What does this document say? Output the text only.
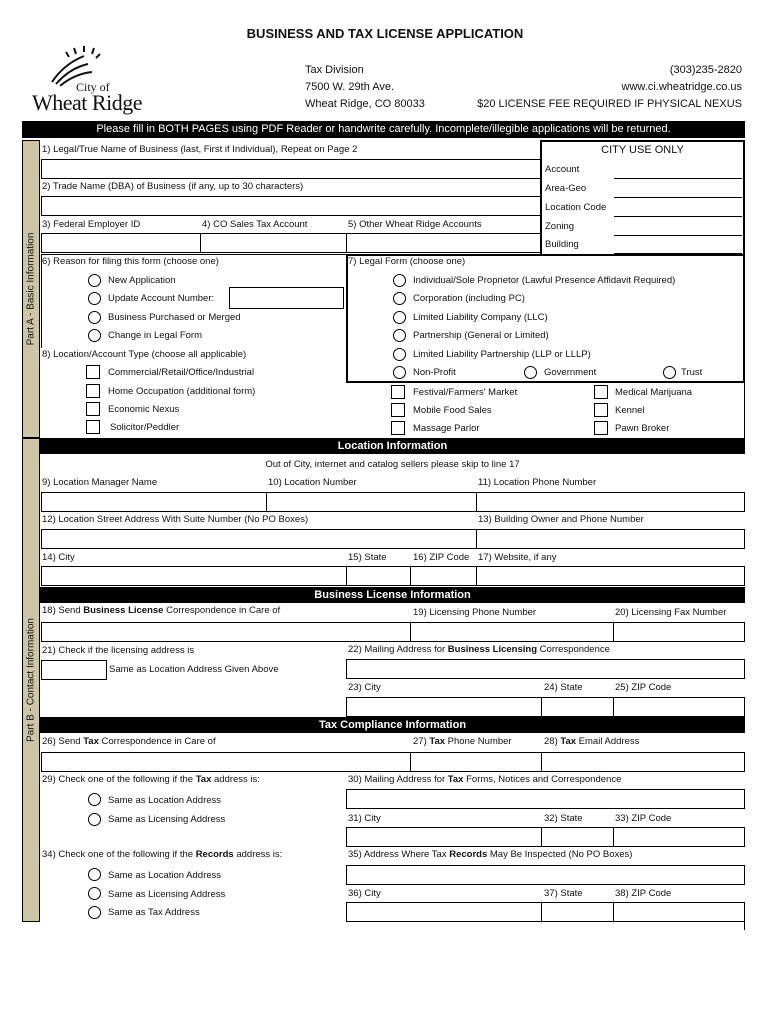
BUSINESS AND TAX LICENSE APPLICATION
City of
Wheat Ridge
Tax Division
7500 W. 29th Ave.
Wheat Ridge, CO 80033
(303)235-2820
www.ci.wheatridge.co.us
$20 LICENSE FEE REQUIRED IF PHYSICAL NEXUS
Please fill in BOTH PAGES using PDF Reader or handwrite carefully. Incomplete/illegible applications will be returned.
Part A - Basic Information
Part B - Contact Information
1) Legal/True Name of Business (last, First if Individual), Repeat on Page 2
2) Trade Name (DBA) of Business (if any, up to 30 characters)
3) Federal Employer ID	4) CO Sales Tax Account	5) Other Wheat Ridge Accounts
CITY USE ONLY
Account
Area-Geo
Location Code
Zoning
Building
6) Reason for filing this form (choose one)
New Application
Update Account Number:
Business Purchased or Merged
Change in Legal Form
7) Legal Form (choose one)
Individual/Sole Proprietor (Lawful Presence Affidavit Required)
Corporation (including PC)
Limited Liability Company (LLC)
Partnership (General or Limited)
Limited Liability Partnership (LLP or LLLP)
Non-Profit	Government	Trust
8) Location/Account Type (choose all applicable)
Commercial/Retail/Office/Industrial
Home Occupation (additional form)
Economic Nexus
Solicitor/Peddler
Festival/Farmers' Market
Mobile Food Sales
Massage Parlor
Medical Marijuana
Kennel
Pawn Broker
Location Information
Out of City, internet and catalog sellers please skip to line 17
9) Location Manager Name	10) Location Number	11) Location Phone Number
12) Location Street Address With Suite Number (No PO Boxes)	13) Building Owner and Phone Number
14) City	15) State	16) ZIP Code 17) Website, if any
Business License Information
18) Send Business License Correspondence in Care of	19) Licensing Phone Number	20) Licensing Fax Number
21) Check if the licensing address is
Same as Location Address Given Above
22) Mailing Address for Business Licensing Correspondence
23) City	24) State	25) ZIP Code
Tax Compliance Information
26) Send Tax Correspondence in Care of	27) Tax Phone Number	28) Tax Email Address
29) Check one of the following if the Tax address is:
Same as Location Address
Same as Licensing Address
30) Mailing Address for Tax Forms, Notices and Correspondence
31) City	32) State	33) ZIP Code
34) Check one of the following if the Records address is:
Same as Location Address
Same as Licensing Address
Same as Tax Address
35) Address Where Tax Records May Be Inspected (No PO Boxes)
36) City	37) State	38) ZIP Code
